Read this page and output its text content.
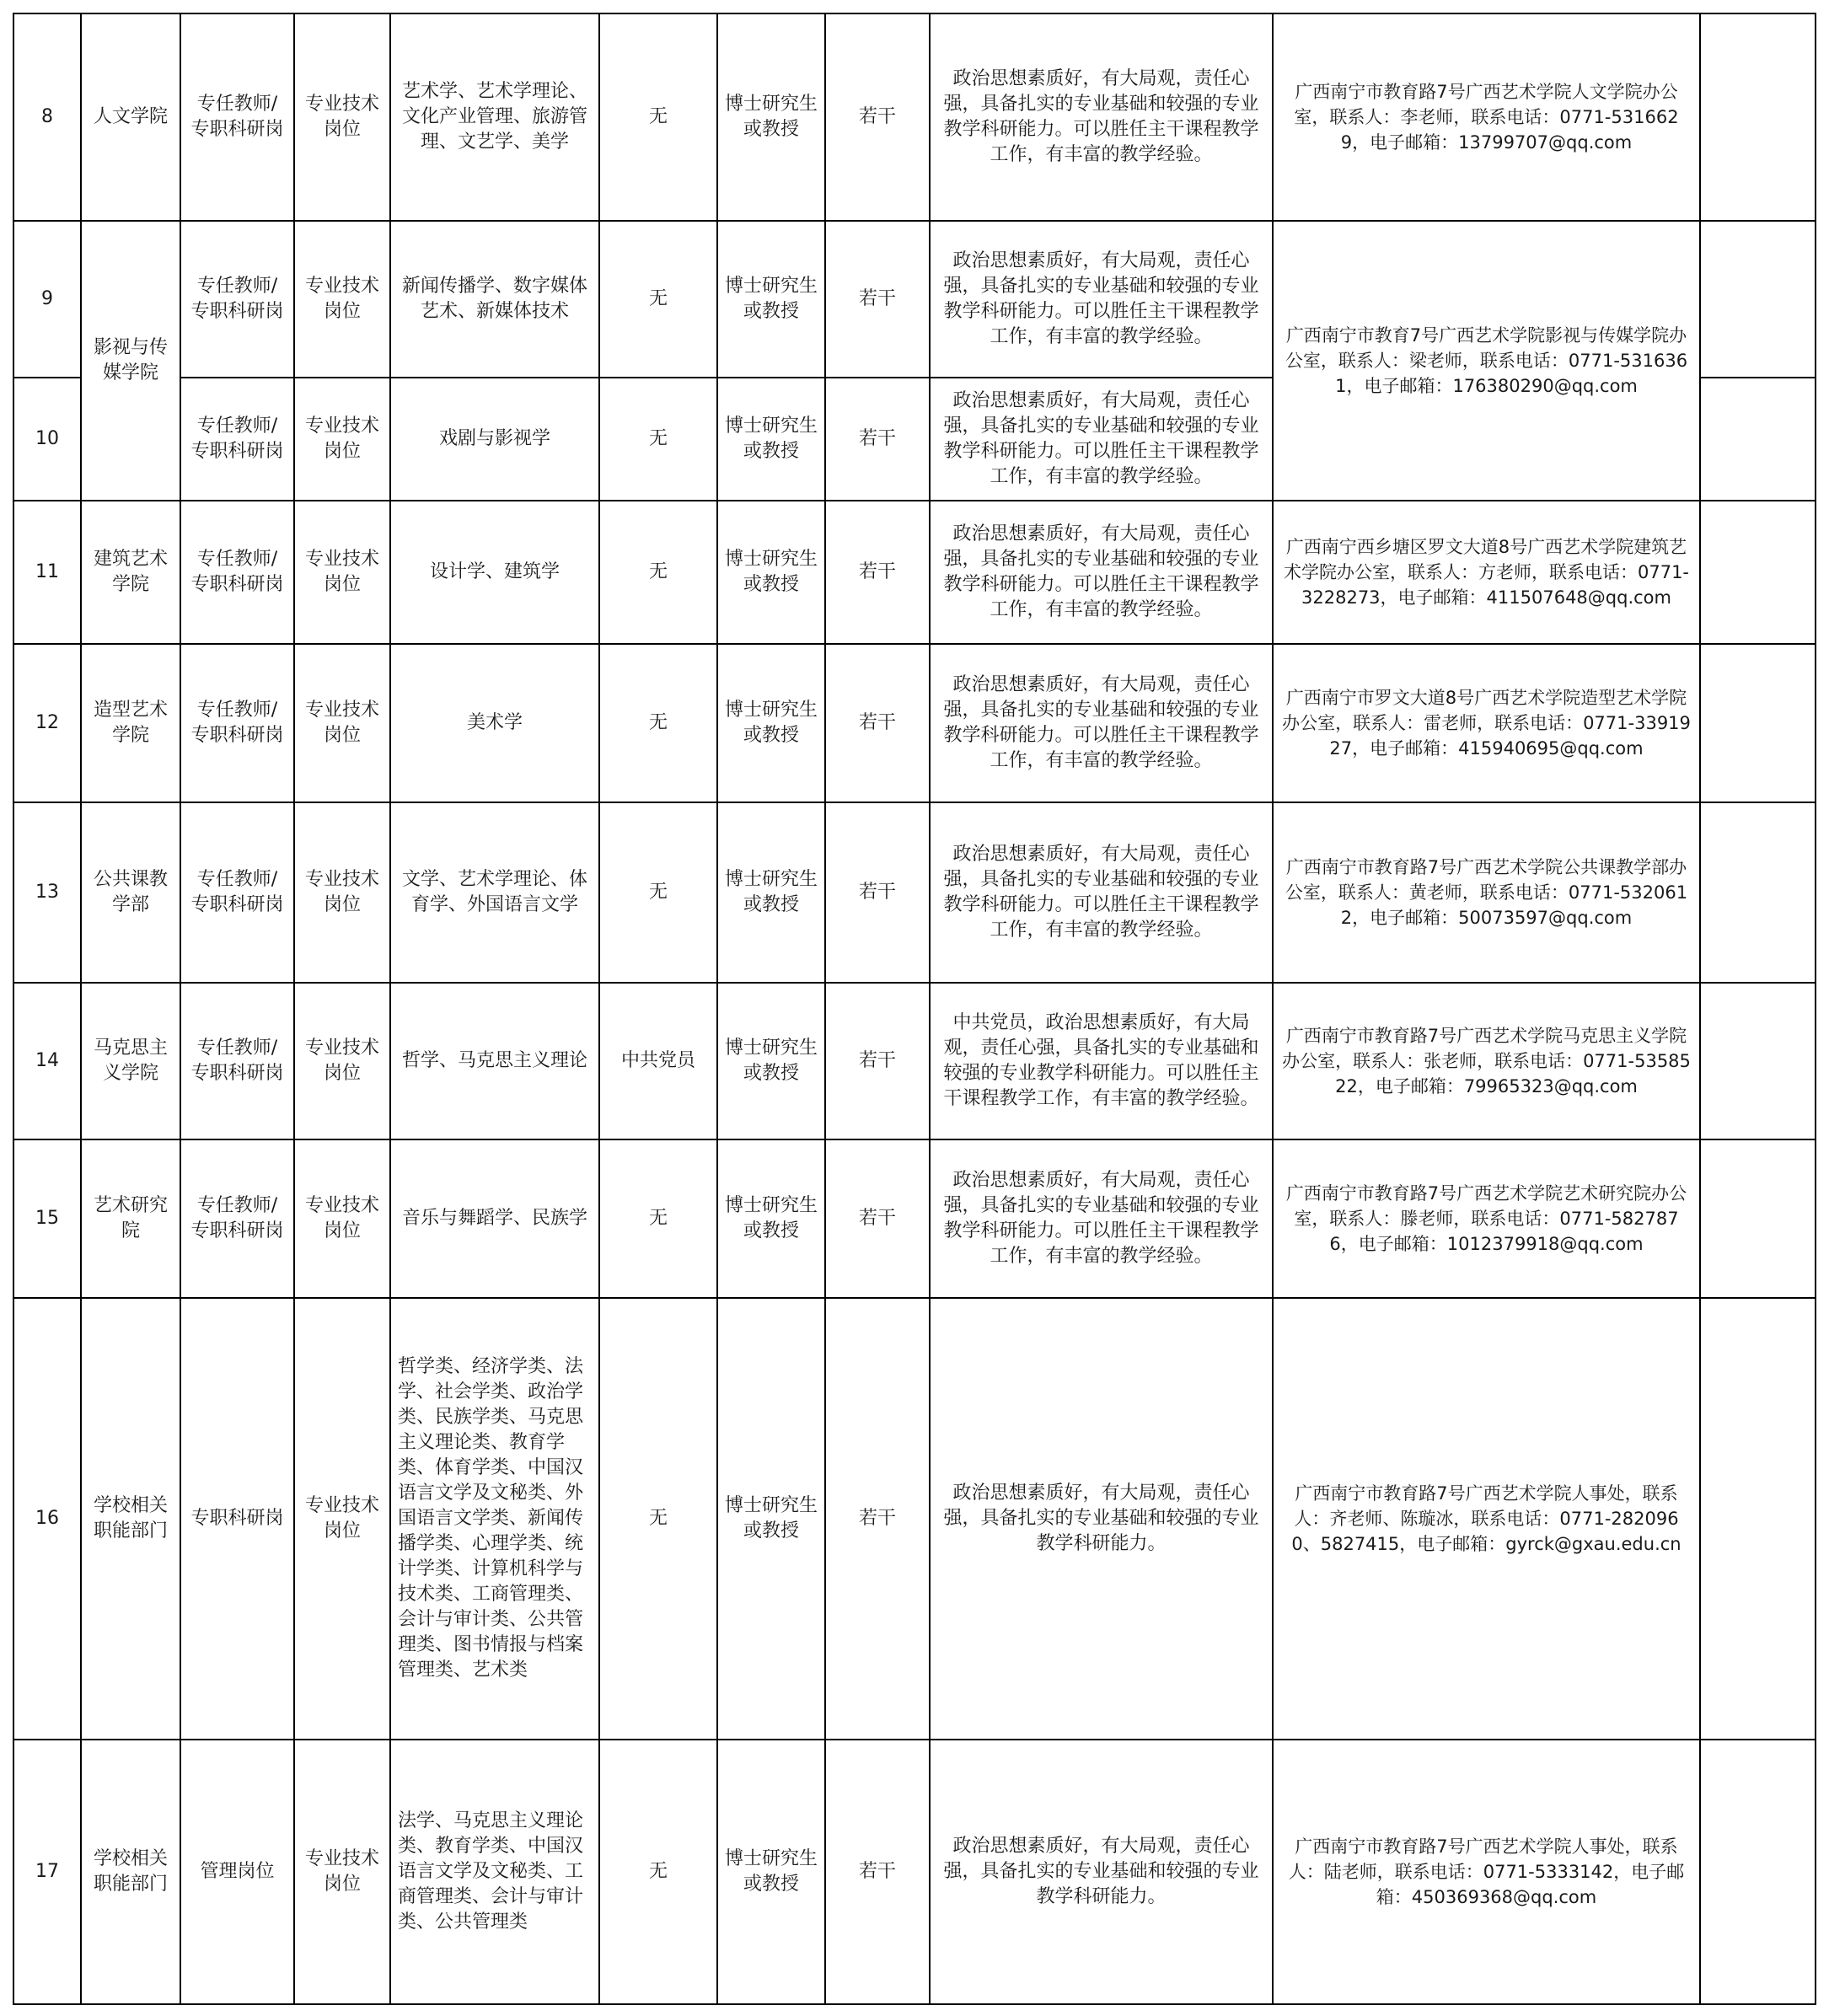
8	人文学院	专任教师/专职科研岗	专业技术岗位	艺术学、艺术学理论、文化产业管理、旅游管理、文艺学、美学	无	博士研究生或教授	若干	政治思想素质好，有大局观，责任心强，具备扎实的专业基础和较强的专业教学科研能力。可以胜任主干课程教学工作，有丰富的教学经验。	广西南宁市教育路7号广西艺术学院人文学院办公室，联系人：李老师，联系电话：0771-5316629，电子邮箱：13799707@qq.com	
9	影视与传媒学院	专任教师/专职科研岗	专业技术岗位	新闻传播学、数字媒体艺术、新媒体技术	无	博士研究生或教授	若干	政治思想素质好，有大局观，责任心强，具备扎实的专业基础和较强的专业教学科研能力。可以胜任主干课程教学工作，有丰富的教学经验。	广西南宁市教育7号广西艺术学院影视与传媒学院办公室，联系人：梁老师，联系电话：0771-5316361，电子邮箱：176380290@qq.com	
10		专任教师/专职科研岗	专业技术岗位	戏剧与影视学	无	博士研究生或教授	若干	政治思想素质好，有大局观，责任心强，具备扎实的专业基础和较强的专业教学科研能力。可以胜任主干课程教学工作，有丰富的教学经验。		
11	建筑艺术学院	专任教师/专职科研岗	专业技术岗位	设计学、建筑学	无	博士研究生或教授	若干	政治思想素质好，有大局观，责任心强，具备扎实的专业基础和较强的专业教学科研能力。可以胜任主干课程教学工作，有丰富的教学经验。	广西南宁西乡塘区罗文大道8号广西艺术学院建筑艺术学院办公室，联系人：方老师，联系电话：0771-3228273，电子邮箱：411507648@qq.com	
12	造型艺术学院	专任教师/专职科研岗	专业技术岗位	美术学	无	博士研究生或教授	若干	政治思想素质好，有大局观，责任心强，具备扎实的专业基础和较强的专业教学科研能力。可以胜任主干课程教学工作，有丰富的教学经验。	广西南宁市罗文大道8号广西艺术学院造型艺术学院办公室，联系人：雷老师，联系电话：0771-3391927，电子邮箱：415940695@qq.com	
13	公共课教学部	专任教师/专职科研岗	专业技术岗位	文学、艺术学理论、体育学、外国语言文学	无	博士研究生或教授	若干	政治思想素质好，有大局观，责任心强，具备扎实的专业基础和较强的专业教学科研能力。可以胜任主干课程教学工作，有丰富的教学经验。	广西南宁市教育路7号广西艺术学院公共课教学部办公室，联系人：黄老师，联系电话：0771-5320612，电子邮箱：50073597@qq.com	
14	马克思主义学院	专任教师/专职科研岗	专业技术岗位	哲学、马克思主义理论	中共党员	博士研究生或教授	若干	中共党员，政治思想素质好，有大局观，责任心强，具备扎实的专业基础和较强的专业教学科研能力。可以胜任主干课程教学工作，有丰富的教学经验。	广西南宁市教育路7号广西艺术学院马克思主义学院办公室，联系人：张老师，联系电话：0771-5358522，电子邮箱：79965323@qq.com	
15	艺术研究院	专任教师/专职科研岗	专业技术岗位	音乐与舞蹈学、民族学	无	博士研究生或教授	若干	政治思想素质好，有大局观，责任心强，具备扎实的专业基础和较强的专业教学科研能力。可以胜任主干课程教学工作，有丰富的教学经验。	广西南宁市教育路7号广西艺术学院艺术研究院办公室，联系人：滕老师，联系电话：0771-5827876，电子邮箱：1012379918@qq.com	
16	学校相关职能部门	专职科研岗	专业技术岗位	哲学类、经济学类、法学、社会学类、政治学类、民族学类、马克思主义理论类、教育学类、体育学类、中国汉语言文学及文秘类、外国语言文学类、新闻传播学类、心理学类、统计学类、计算机科学与技术类、工商管理类、会计与审计类、公共管理类、图书情报与档案管理类、艺术类	无	博士研究生或教授	若干	政治思想素质好，有大局观，责任心强，具备扎实的专业基础和较强的专业教学科研能力。	广西南宁市教育路7号广西艺术学院人事处，联系人：齐老师、陈璇冰，联系电话：0771-2820960、5827415，电子邮箱：gyrck@gxau.edu.cn	
17	学校相关职能部门	管理岗位	专业技术岗位	法学、马克思主义理论类、教育学类、中国汉语言文学及文秘类、工商管理类、会计与审计类、公共管理类	无	博士研究生或教授	若干	政治思想素质好，有大局观，责任心强，具备扎实的专业基础和较强的专业教学科研能力。	广西南宁市教育路7号广西艺术学院人事处，联系人：陆老师，联系电话：0771-5333142，电子邮箱：450369368@qq.com	
